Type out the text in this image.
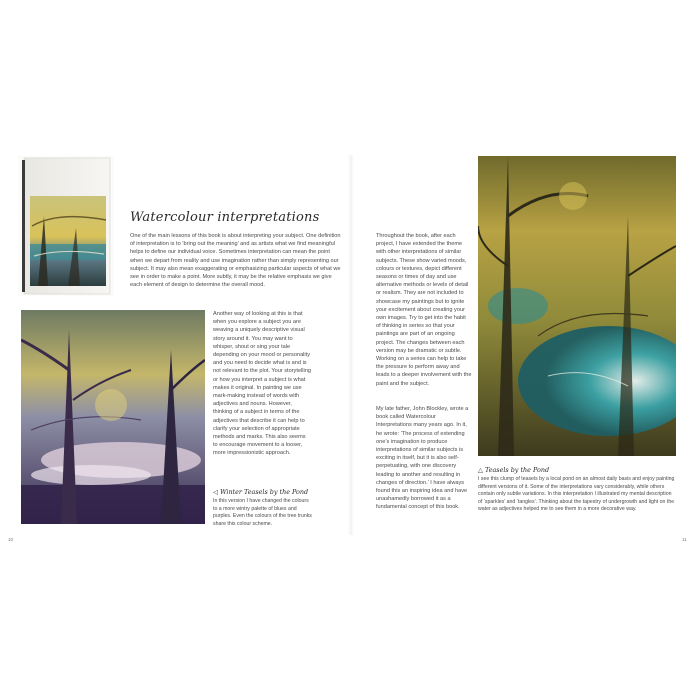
Watercolour interpretations

One of the main lessons of this book is about interpreting your subject. One definition of interpretation is to ‘bring out the meaning’ and as artists what we find meaningful helps to define our individual voice. Sometimes interpretation can mean the point when we depart from reality and use imagination rather than simply representing our subject. It may also mean exaggerating or emphasizing particular aspects of what we see in order to make a point. More subtly, it may be the relative emphasis we give each element of design to determine the overall mood.

Another way of looking at this is that when you explore a subject you are weaving a uniquely descriptive visual story around it. You may want to whisper, shout or sing your tale depending on your mood or personality and you need to decide what is and is not relevant to the plot. Your storytelling or how you interpret a subject is what makes it original. In painting we use mark-making instead of words with adjectives and nouns. However, thinking of a subject in terms of the adjectives that describe it can help to clarify your selection of appropriate methods and marks. This also seems to encourage movement to a looser, more impressionistic approach.

◁ Winter Teasels by the Pond

In this version I have changed the colours to a more wintry palette of blues and purples. Even the colours of the tree trunks share this colour scheme.

10

Throughout the book, after each project, I have extended the theme with other interpretations of similar subjects. These show varied moods, colours or textures, depict different seasons or times of day and use alternative methods or levels of detail or realism. They are not included to showcase my paintings but to ignite your excitement about creating your own images. Try to get into the habit of thinking in series so that your paintings are part of an ongoing project. The changes between each version may be dramatic or subtle. Working on a series can help to take the pressure to perform away and leads to a deeper involvement with the paint and the subject.

My late father, John Blockley, wrote a book called Watercolour Interpretations many years ago. In it, he wrote: ‘The process of extending one’s imagination to produce interpretations of similar subjects is exciting in itself, but it is also self-perpetuating, with one discovery leading to another and resulting in changes of direction.’ I have always found this an inspiring idea and have unashamedly borrowed it as a fundamental concept of this book.

△ Teasels by the Pond

I see this clump of teasels by a local pond on an almost daily basis and enjoy painting different versions of it. Some of the interpretations vary considerably, while others contain only subtle variations. In this interpretation I illustrated my mental description of ‘sparkles’ and ‘tangles’. Thinking about the tapestry of undergrowth and light on the water as adjectives helped me to see them in a more decorative way.

11
